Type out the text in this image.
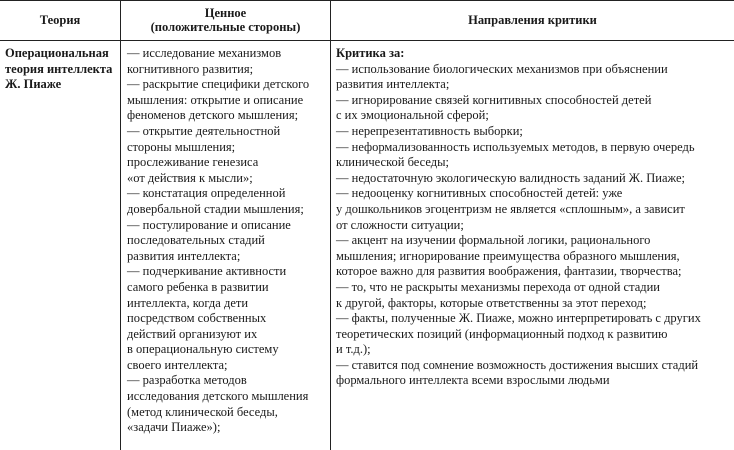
Теория	Ценное
(положительные стороны)	Направления критики
Операциональная
теория интеллекта
Ж. Пиаже
— исследование механизмов
когнитивного развития;
— раскрытие специфики детского
мышления: открытие и описание
феноменов детского мышления;
— открытие деятельностной
стороны мышления;
прослеживание генезиса
«от действия к мысли»;
— констатация определенной
довербальной стадии мышления;
— постулирование и описание
последовательных стадий
развития интеллекта;
— подчеркивание активности
самого ребенка в развитии
интеллекта, когда дети
посредством собственных
действий организуют их
в операциональную систему
своего интеллекта;
— разработка методов
исследования детского мышления
(метод клинической беседы,
«задачи Пиаже»);
Критика за:
— использование биологических механизмов при объяснении
развития интеллекта;
— игнорирование связей когнитивных способностей детей
с их эмоциональной сферой;
— нерепрезентативность выборки;
— неформализованность используемых методов, в первую очередь
клинической беседы;
— недостаточную экологическую валидность заданий Ж. Пиаже;
— недооценку когнитивных способностей детей: уже
у дошкольников эгоцентризм не является «сплошным», а зависит
от сложности ситуации;
— акцент на изучении формальной логики, рационального
мышления; игнорирование преимущества образного мышления,
которое важно для развития воображения, фантазии, творчества;
— то, что не раскрыты механизмы перехода от одной стадии
к другой, факторы, которые ответственны за этот переход;
— факты, полученные Ж. Пиаже, можно интерпретировать с других
теоретических позиций (информационный подход к развитию
и т.д.);
— ставится под сомнение возможность достижения высших стадий
формального интеллекта всеми взрослыми людьми
